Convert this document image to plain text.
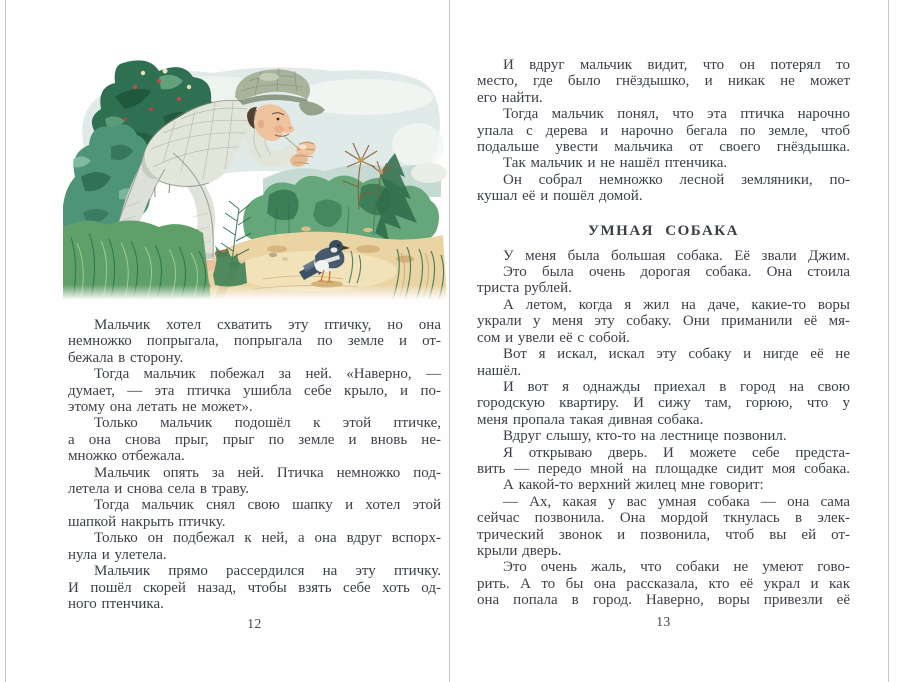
Мальчик хотел схватить эту птичку, но она
немножко попрыгала, попрыгала по земле и от-
бежала в сторону.
Тогда мальчик побежал за ней. «Наверно, —
думает, — эта птичка ушибла себе крыло, и по-
этому она летать не может».
Только мальчик подошёл к этой птичке,
а она снова прыг, прыг по земле и вновь не-
множко отбежала.
Мальчик опять за ней. Птичка немножко под-
летела и снова села в траву.
Тогда мальчик снял свою шапку и хотел этой
шапкой накрыть птичку.
Только он подбежал к ней, а она вдруг вспорх-
нула и улетела.
Мальчик прямо рассердился на эту птичку.
И пошёл скорей назад, чтобы взять себе хоть од-
ного птенчика.
12
И вдруг мальчик видит, что он потерял то
место, где было гнёздышко, и никак не может
его найти.
Тогда мальчик понял, что эта птичка нарочно
упала с дерева и нарочно бегала по земле, чтоб
подальше увести мальчика от своего гнёздышка.
Так мальчик и не нашёл птенчика.
Он собрал немножко лесной земляники, по-
кушал её и пошёл домой.
УМНАЯ СОБАКА
У меня была большая собака. Её звали Джим.
Это была очень дорогая собака. Она стоила
триста рублей.
А летом, когда я жил на даче, какие-то воры
украли у меня эту собаку. Они приманили её мя-
сом и увели её с собой.
Вот я искал, искал эту собаку и нигде её не
нашёл.
И вот я однажды приехал в город на свою
городскую квартиру. И сижу там, горюю, что у
меня пропала такая дивная собака.
Вдруг слышу, кто-то на лестнице позвонил.
Я открываю дверь. И можете себе предста-
вить — передо мной на площадке сидит моя собака.
А какой-то верхний жилец мне говорит:
— Ах, какая у вас умная собака — она сама
сейчас позвонила. Она мордой ткнулась в элек-
трический звонок и позвонила, чтоб вы ей от-
крыли дверь.
Это очень жаль, что собаки не умеют гово-
рить. А то бы она рассказала, кто её украл и как
она попала в город. Наверно, воры привезли её
13
